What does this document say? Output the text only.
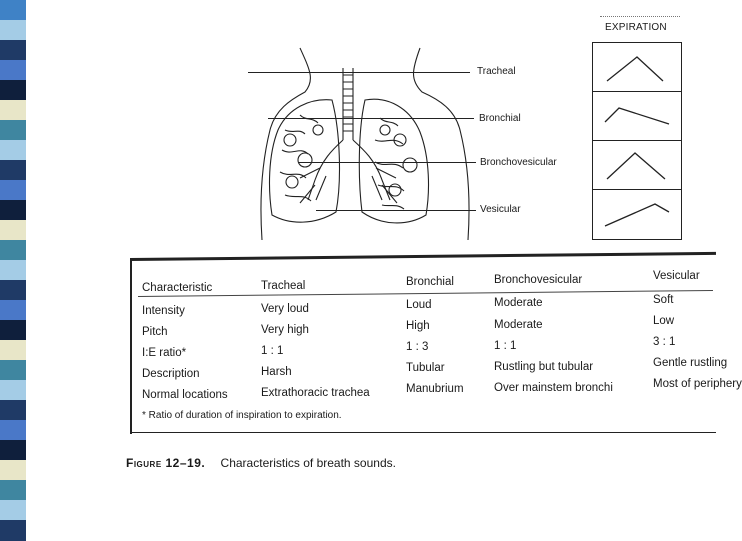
Tracheal
Bronchial
Bronchovesicular
Vesicular
EXPIRATION
Characteristic	Tracheal	Bronchial	Bronchovesicular	Vesicular
Intensity	Very loud	Loud	Moderate	Soft
Pitch	Very high	High	Moderate	Low
I:E ratio*	1 : 1	1 : 3	1 : 1	3 : 1
Description	Harsh	Tubular	Rustling but tubular	Gentle rustling
Normal locations	Extrathoracic trachea	Manubrium	Over mainstem bronchi	Most of periphery
* Ratio of duration of inspiration to expiration.
Figure 12–19. Characteristics of breath sounds.
